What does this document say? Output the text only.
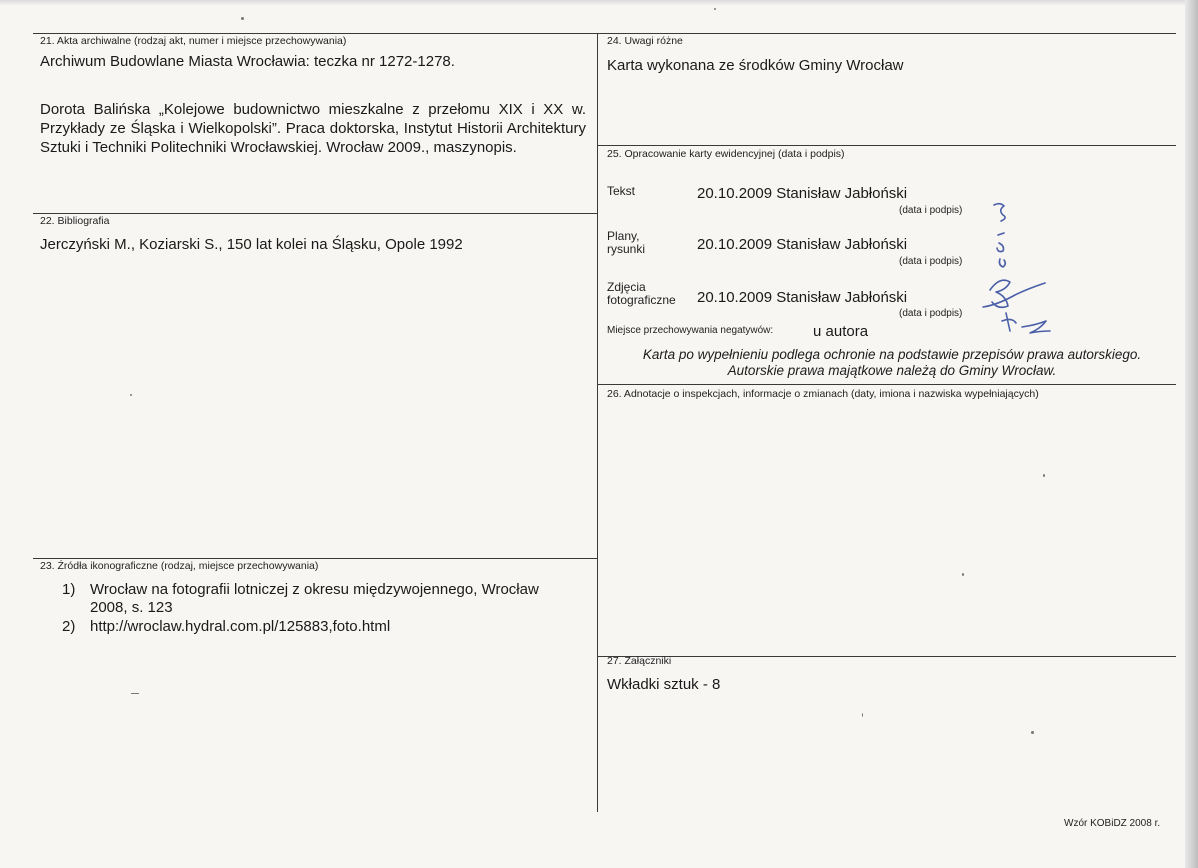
21. Akta archiwalne (rodzaj akt, numer i miejsce przechowywania)
Archiwum Budowlane Miasta Wrocławia: teczka nr 1272-1278.
Dorota Balińska „Kolejowe budownictwo mieszkalne z przełomu XIX i XX w. Przykłady ze Śląska i Wielkopolski”. Praca doktorska, Instytut Historii Architektury Sztuki i Techniki Politechniki Wrocławskiej. Wrocław 2009., maszynopis.
22. Bibliografia
Jerczyński M., Koziarski S., 150 lat kolei na Śląsku, Opole 1992
23. Źródła ikonograficzne (rodzaj, miejsce przechowywania)
1) Wrocław na fotografii lotniczej z okresu międzywojennego, Wrocław
2008, s. 123
2) http://wroclaw.hydral.com.pl/125883,foto.html
24. Uwagi różne
Karta wykonana ze środków Gminy Wrocław
25. Opracowanie karty ewidencyjnej (data i podpis)
Tekst	20.10.2009 Stanisław Jabłoński
(data i podpis)
Plany,
rysunki	20.10.2009 Stanisław Jabłoński
(data i podpis)
Zdjęcia
fotograficzne 20.10.2009 Stanisław Jabłoński
(data i podpis)
Miejsce przechowywania negatywów:	u autora
Karta po wypełnieniu podlega ochronie na podstawie przepisów prawa autorskiego.
Autorskie prawa majątkowe należą do Gminy Wrocław.
26. Adnotacje o inspekcjach, informacje o zmianach (daty, imiona i nazwiska wypełniających)
27. Załączniki
Wkładki sztuk - 8
Wzór KOBiDZ 2008 r.
